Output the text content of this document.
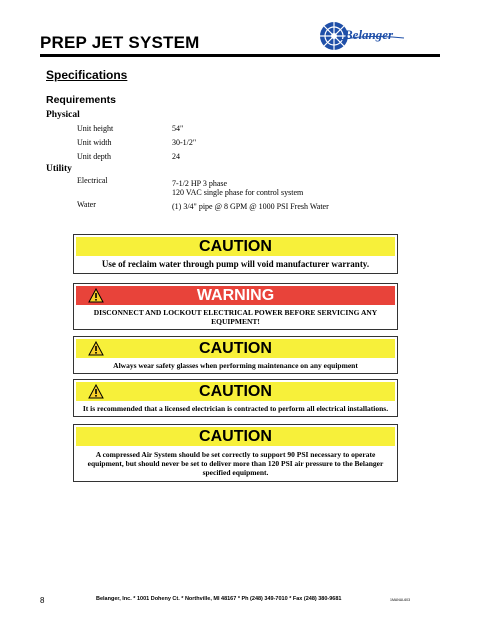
PREP JET SYSTEM	Belanger
Specifications
Requirements
Physical
Unit height	54"
Unit width	30-1/2"
Unit depth	24
Utility
Electrical	7-1/2 HP 3 phase
120 VAC single phase for control system
Water	(1) 3/4" pipe @ 8 GPM @ 1000 PSI Fresh Water
CAUTION
Use of reclaim water through pump will void manufacturer warranty.
WARNING
DISCONNECT AND LOCKOUT ELECTRICAL POWER BEFORE SERVICING ANY EQUIPMENT!
CAUTION
Always wear safety glasses when performing maintenance on any equipment
CAUTION
It is recommended that a licensed electrician is contracted to perform all electrical installations.
CAUTION
A compressed Air System should be set correctly to support 90 PSI necessary to operate equipment, but should never be set to deliver more than 120 PSI air pressure to the Belanger specified equipment.
8	Belanger, Inc. * 1001 Doheny Ct. * Northville, MI 48167 * Ph (248) 349-7010 * Fax (248) 380-9681	1MANUL603
